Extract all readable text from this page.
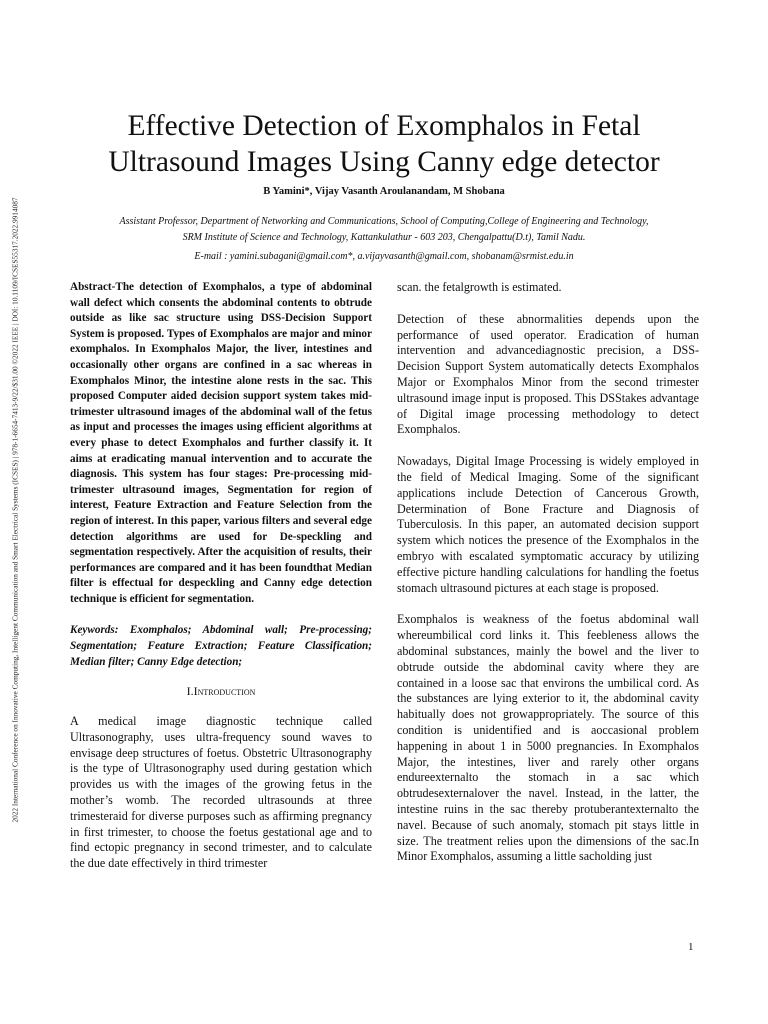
2022 International Conference on Innovative Computing, Intelligent Communication and Smart Electrical Systems (ICSES) | 978-1-6654-7413-9/22/$31.00 ©2022 IEEE | DOI: 10.1109/ICSES55317.2022.9914087
Effective Detection of Exomphalos in Fetal
Ultrasound Images Using Canny edge detector
B Yamini*, Vijay Vasanth Aroulanandam, M Shobana
Assistant Professor, Department of Networking and Communications, School of Computing,College of Engineering and Technology,
SRM Institute of Science and Technology, Kattankulathur - 603 203, Chengalpattu(D.t), Tamil Nadu.
E-mail : yamini.subagani@gmail.com*, a.vijayvasanth@gmail.com, shobanam@srmist.edu.in

Abstract-The detection of Exomphalos, a type of abdominal wall defect which consents the abdominal contents to obtrude outside as like sac structure using DSS-Decision Support System is proposed. Types of Exomphalos are major and minor exomphalos. In Exomphalos Major, the liver, intestines and occasionally other organs are confined in a sac whereas in Exomphalos Minor, the intestine alone rests in the sac. This proposed Computer aided decision support system takes mid-trimester ultrasound images of the abdominal wall of the fetus as input and processes the images using efficient algorithms at every phase to detect Exomphalos and further classify it. It aims at eradicating manual intervention and to accurate the diagnosis. This system has four stages: Pre-processing mid-trimester ultrasound images, Segmentation for region of interest, Feature Extraction and Feature Selection from the region of interest. In this paper, various filters and several edge detection algorithms are used for De-speckling and segmentation respectively. After the acquisition of results, their performances are compared and it has been foundthat Median filter is effectual for despeckling and Canny edge detection technique is efficient for segmentation.

Keywords: Exomphalos; Abdominal wall; Pre-processing; Segmentation; Feature Extraction; Feature Classification; Median filter; Canny Edge detection;

I.Introduction

A medical image diagnostic technique called Ultrasonography, uses ultra-frequency sound waves to envisage deep structures of foetus. Obstetric Ultrasonography is the type of Ultrasonography used during gestation which provides us with the images of the growing fetus in the mother’s womb. The recorded ultrasounds at three trimesteraid for diverse purposes such as affirming pregnancy in first trimester, to choose the foetus gestational age and to find ectopic pregnancy in second trimester, and to calculate the due date effectively in third trimester

scan. the fetalgrowth is estimated.

Detection of these abnormalities depends upon the performance of used operator. Eradication of human intervention and advancediagnostic precision, a DSS- Decision Support System automatically detects Exomphalos Major or Exomphalos Minor from the second trimester ultrasound image input is proposed. This DSStakes advantage of Digital image processing methodology to detect Exomphalos.

Nowadays, Digital Image Processing is widely employed in the field of Medical Imaging. Some of the significant applications include Detection of Cancerous Growth, Determination of Bone Fracture and Diagnosis of Tuberculosis. In this paper, an automated decision support system which notices the presence of the Exomphalos in the embryo with escalated symptomatic accuracy by utilizing effective picture handling calculations for handling the foetus stomach ultrasound pictures at each stage is proposed.

Exomphalos is weakness of the foetus abdominal wall whereumbilical cord links it. This feebleness allows the abdominal substances, mainly the bowel and the liver to obtrude outside the abdominal cavity where they are contained in a loose sac that environs the umbilical cord. As the substances are lying exterior to it, the abdominal cavity habitually does not growappropriately. The source of this condition is unidentified and is aoccasional problem happening in about 1 in 5000 pregnancies. In Exomphalos Major, the intestines, liver and rarely other organs endureexternalto the stomach in a sac which obtrudesexternalover the navel. Instead, in the latter, the intestine ruins in the sac thereby protuberantexternalto the navel. Because of such anomaly, stomach pit stays little in size. The treatment relies upon the dimensions of the sac.In Minor Exomphalos, assuming a little sacholding just

1
